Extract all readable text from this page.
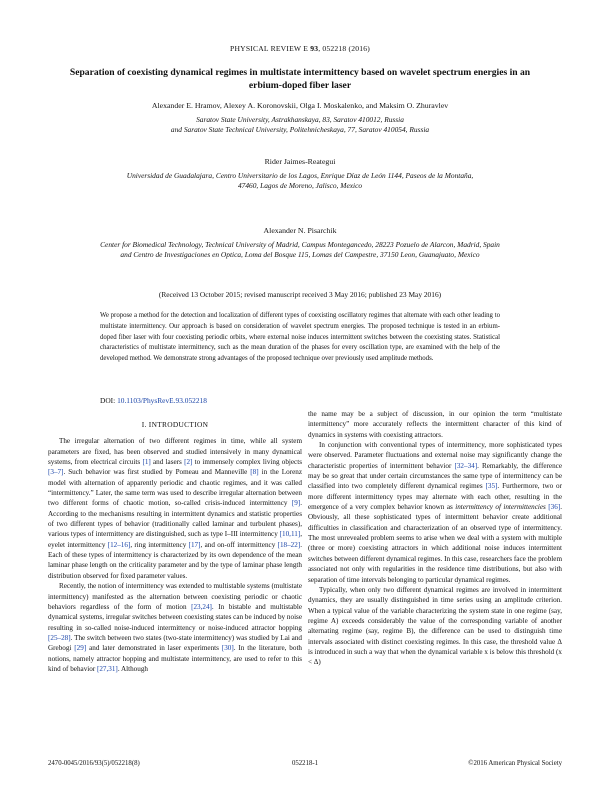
PHYSICAL REVIEW E 93, 052218 (2016)
Separation of coexisting dynamical regimes in multistate intermittency based on wavelet spectrum energies in an erbium-doped fiber laser
Alexander E. Hramov, Alexey A. Koronovskii, Olga I. Moskalenko, and Maksim O. Zhuravlev
Saratov State University, Astrakhanskaya, 83, Saratov 410012, Russia
and Saratov State Technical University, Politehnicheskaya, 77, Saratov 410054, Russia
Rider Jaimes-Reategui
Universidad de Guadalajara, Centro Universitario de los Lagos, Enrique Díaz de León 1144, Paseos de la Montaña,
47460, Lagos de Moreno, Jalisco, Mexico
Alexander N. Pisarchik
Center for Biomedical Technology, Technical University of Madrid, Campus Montegancedo, 28223 Pozuelo de Alarcon, Madrid, Spain
and Centro de Investigaciones en Optica, Loma del Bosque 115, Lomas del Campestre, 37150 Leon, Guanajuato, Mexico
(Received 13 October 2015; revised manuscript received 3 May 2016; published 23 May 2016)
We propose a method for the detection and localization of different types of coexisting oscillatory regimes that alternate with each other leading to multistate intermittency. Our approach is based on consideration of wavelet spectrum energies. The proposed technique is tested in an erbium-doped fiber laser with four coexisting periodic orbits, where external noise induces intermittent switches between the coexisting states. Statistical characteristics of multistate intermittency, such as the mean duration of the phases for every oscillation type, are examined with the help of the developed method. We demonstrate strong advantages of the proposed technique over previously used amplitude methods.
DOI: 10.1103/PhysRevE.93.052218
I. INTRODUCTION

The irregular alternation of two different regimes in time, while all system parameters are fixed, has been observed and studied intensively in many dynamical systems, from electrical circuits [1] and lasers [2] to immensely complex living objects [3–7]. Such behavior was first studied by Pomeau and Manneville [8] in the Lorenz model with alternation of apparently periodic and chaotic regimes, and it was called “intermittency.” Later, the same term was used to describe irregular alternation between two different forms of chaotic motion, so-called crisis-induced intermittency [9]. According to the mechanisms resulting in intermittent dynamics and statistic properties of two different types of behavior (traditionally called laminar and turbulent phases), various types of intermittency are distinguished, such as type I–III intermittency [10,11], eyelet intermittency [12–16], ring intermittency [17], and on-off intermittency [18–22]. Each of these types of intermittency is characterized by its own dependence of the mean laminar phase length on the criticality parameter and by the type of laminar phase length distribution observed for fixed parameter values.

Recently, the notion of intermittency was extended to multistable systems (multistate intermittency) manifested as the alternation between coexisting periodic or chaotic behaviors regardless of the form of motion [23,24]. In bistable and multistable dynamical systems, irregular switches between coexisting states can be induced by noise resulting in so-called noise-induced intermittency or noise-induced attractor hopping [25–28]. The switch between two states (two-state intermittency) was studied by Lai and Grebogi [29] and later demonstrated in laser experiments [30]. In the literature, both notions, namely attractor hopping and multistate intermittency, are used to refer to this kind of behavior [27,31]. Although

the name may be a subject of discussion, in our opinion the term “multistate intermittency” more accurately reflects the intermittent character of this kind of dynamics in systems with coexisting attractors.

In conjunction with conventional types of intermittency, more sophisticated types were observed. Parameter fluctuations and external noise may significantly change the characteristic properties of intermittent behavior [32–34]. Remarkably, the difference may be so great that under certain circumstances the same type of intermittency can be classified into two completely different dynamical regimes [35]. Furthermore, two or more different intermittency types may alternate with each other, resulting in the emergence of a very complex behavior known as intermittency of intermittencies [36]. Obviously, all these sophisticated types of intermittent behavior create additional difficulties in classification and characterization of an observed type of intermittency. The most unrevealed problem seems to arise when we deal with a system with multiple (three or more) coexisting attractors in which additional noise induces intermittent switches between different dynamical regimes. In this case, researchers face the problem associated not only with regularities in the residence time distributions, but also with separation of time intervals belonging to particular dynamical regimes.

Typically, when only two different dynamical regimes are involved in intermittent dynamics, they are usually distinguished in time series using an amplitude criterion. When a typical value of the variable characterizing the system state in one regime (say, regime A) exceeds considerably the value of the corresponding variable of another alternating regime (say, regime B), the difference can be used to distinguish time intervals associated with distinct coexisting regimes. In this case, the threshold value Δ is introduced in such a way that when the dynamical variable x is below this threshold (x < Δ)

2470-0045/2016/93(5)/052218(8)	052218-1	©2016 American Physical Society
